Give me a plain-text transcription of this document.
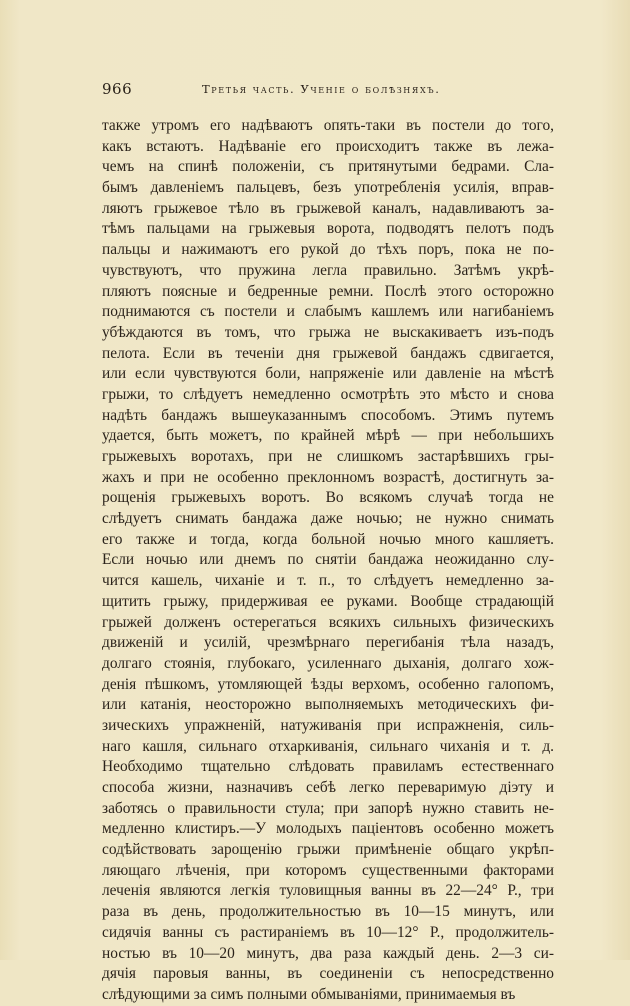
966	Третья часть. Ученіе о болѣзняхъ.
также утромъ его надѣваютъ опять-таки въ постели до того,
какъ встаютъ. Надѣваніе его происходитъ также въ лежа-
чемъ на спинѣ положеніи, съ притянутыми бедрами. Сла-
бымъ давленіемъ пальцевъ, безъ употребленія усилія, вправ-
ляютъ грыжевое тѣло въ грыжевой каналъ, надавливаютъ за-
тѣмъ пальцами на грыжевыя ворота, подводятъ пелотъ подъ
пальцы и нажимаютъ его рукой до тѣхъ поръ, пока не по-
чувствуютъ, что пружина легла правильно. Затѣмъ укрѣ-
пляютъ поясные и бедренные ремни. Послѣ этого осторожно
поднимаются съ постели и слабымъ кашлемъ или нагибаніемъ
убѣждаются въ томъ, что грыжа не выскакиваетъ изъ-подъ
пелота. Если въ теченіи дня грыжевой бандажъ сдвигается,
или если чувствуются боли, напряженіе или давленіе на мѣстѣ
грыжи, то слѣдуетъ немедленно осмотрѣть это мѣсто и снова
надѣть бандажъ вышеуказаннымъ способомъ. Этимъ путемъ
удается, быть можетъ, по крайней мѣрѣ — при небольшихъ
грыжевыхъ воротахъ, при не слишкомъ застарѣвшихъ гры-
жахъ и при не особенно преклонномъ возрастѣ, достигнуть за-
рощенія грыжевыхъ воротъ. Во всякомъ случаѣ тогда не
слѣдуетъ снимать бандажа даже ночью; не нужно снимать
его также и тогда, когда больной ночью много кашляетъ.
Если ночью или днемъ по снятіи бандажа неожиданно слу-
чится кашель, чиханіе и т. п., то слѣдуетъ немедленно за-
щитить грыжу, придерживая ее руками. Вообще страдающій
грыжей долженъ остерегаться всякихъ сильныхъ физическихъ
движеній и усилій, чрезмѣрнаго перегибанія тѣла назадъ,
долгаго стоянія, глубокаго, усиленнаго дыханія, долгаго хож-
денія пѣшкомъ, утомляющей ѣзды верхомъ, особенно галопомъ,
или катанія, неосторожно выполняемыхъ методическихъ фи-
зическихъ упражненій, натуживанія при испражненія, силь-
наго кашля, сильнаго отхаркиванія, сильнаго чиханія и т. д.
Необходимо тщательно слѣдовать правиламъ естественнаго
способа жизни, назначивъ себѣ легко переваримую діэту и
заботясь о правильности стула; при запорѣ нужно ставить не-
медленно клистиръ.—У молодыхъ паціентовъ особенно можетъ
содѣйствовать зарощенію грыжи примѣненіе общаго укрѣп-
ляющаго лѣченія, при которомъ существенными факторами
леченія являются легкія туловищныя ванны въ 22—24° Р., три
раза въ день, продолжительностью въ 10—15 минутъ, или
сидячія ванны съ растираніемъ въ 10—12° Р., продолжитель-
ностью въ 10—20 минутъ, два раза каждый день. 2—3 си-
дячія паровыя ванны, въ соединеніи съ непосредственно
слѣдующими за симъ полными обмываніями, принимаемыя въ
